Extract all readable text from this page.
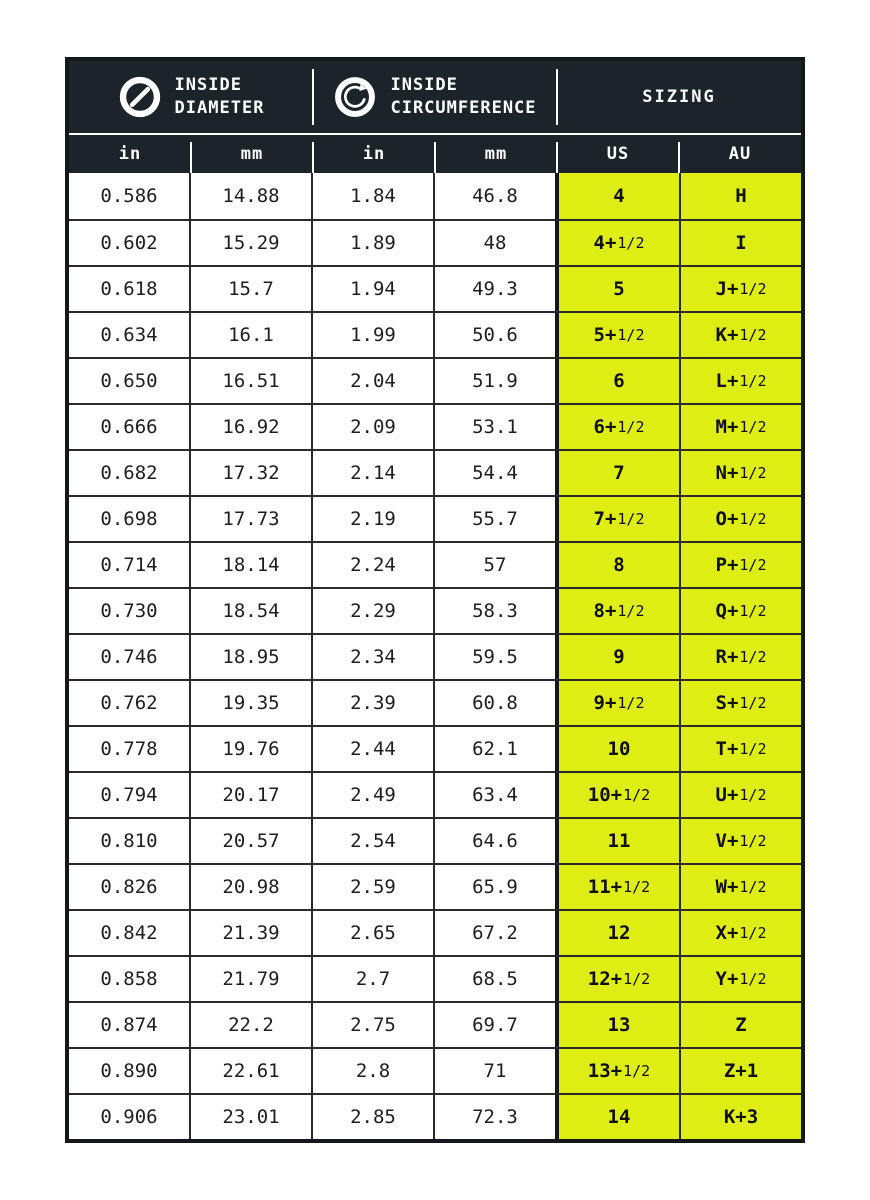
INSIDE
DIAMETER
INSIDE
CIRCUMFERENCE
SIZING
in	mm	in	mm	US	AU
0.586	14.88	1.84	46.8	4	H
0.602	15.29	1.89	48	4+ 1/2	I
0.618	15.7	1.94	49.3	5	J+ 1/2
0.634	16.1	1.99	50.6	5+ 1/2	K+ 1/2
0.650	16.51	2.04	51.9	6	L+ 1/2
0.666	16.92	2.09	53.1	6+ 1/2	M+ 1/2
0.682	17.32	2.14	54.4	7	N+ 1/2
0.698	17.73	2.19	55.7	7+ 1/2	O+ 1/2
0.714	18.14	2.24	57	8	P+ 1/2
0.730	18.54	2.29	58.3	8+ 1/2	Q+ 1/2
0.746	18.95	2.34	59.5	9	R+ 1/2
0.762	19.35	2.39	60.8	9+ 1/2	S+ 1/2
0.778	19.76	2.44	62.1	10	T+ 1/2
0.794	20.17	2.49	63.4	10+ 1/2	U+ 1/2
0.810	20.57	2.54	64.6	11	V+ 1/2
0.826	20.98	2.59	65.9	11+ 1/2	W+ 1/2
0.842	21.39	2.65	67.2	12	X+ 1/2
0.858	21.79	2.7	68.5	12+ 1/2	Y+ 1/2
0.874	22.2	2.75	69.7	13	Z
0.890	22.61	2.8	71	13+ 1/2	Z+1
0.906	23.01	2.85	72.3	14	K+3
